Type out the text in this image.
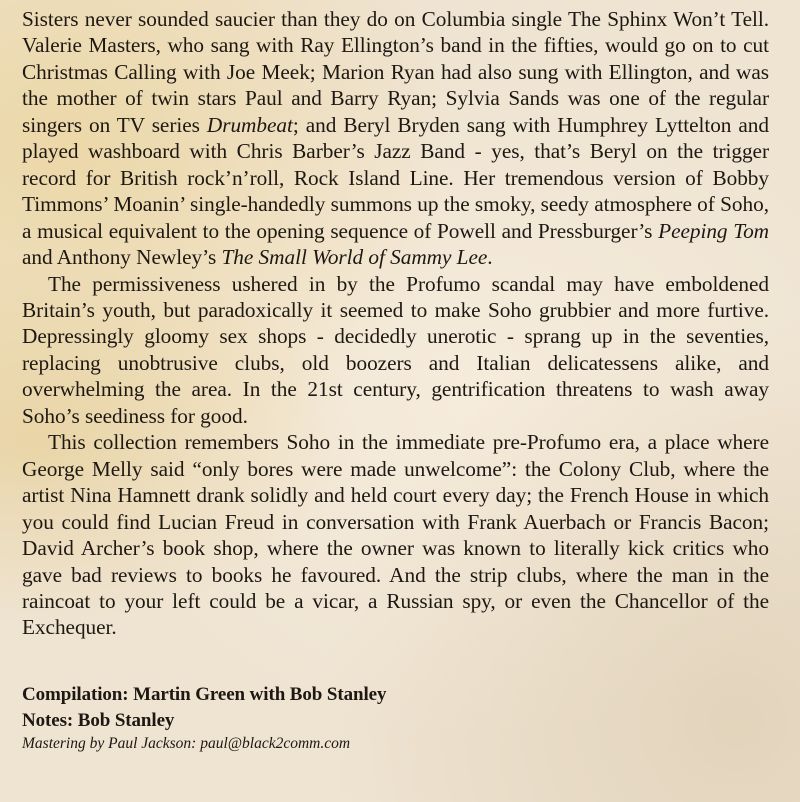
Sisters never sounded saucier than they do on Columbia single The Sphinx Won’t Tell. Valerie Masters, who sang with Ray Ellington’s band in the fifties, would go on to cut Christmas Calling with Joe Meek; Marion Ryan had also sung with Ellington, and was the mother of twin stars Paul and Barry Ryan; Sylvia Sands was one of the regular singers on TV series Drumbeat; and Beryl Bryden sang with Humphrey Lyttelton and played washboard with Chris Barber’s Jazz Band - yes, that’s Beryl on the trigger record for British rock’n’roll, Rock Island Line. Her tremendous version of Bobby Timmons’ Moanin’ single-handedly summons up the smoky, seedy atmosphere of Soho, a musical equivalent to the opening sequence of Powell and Pressburger’s Peeping Tom and Anthony Newley’s The Small World of Sammy Lee.

The permissiveness ushered in by the Profumo scandal may have emboldened Britain’s youth, but paradoxically it seemed to make Soho grubbier and more furtive. Depressingly gloomy sex shops - decidedly unerotic - sprang up in the seventies, replacing unobtrusive clubs, old boozers and Italian delicatessens alike, and overwhelming the area. In the 21st century, gentrification threatens to wash away Soho’s seediness for good.

This collection remembers Soho in the immediate pre-Profumo era, a place where George Melly said “only bores were made unwelcome”: the Colony Club, where the artist Nina Hamnett drank solidly and held court every day; the French House in which you could find Lucian Freud in conversation with Frank Auerbach or Francis Bacon; David Archer’s book shop, where the owner was known to literally kick critics who gave bad reviews to books he favoured. And the strip clubs, where the man in the raincoat to your left could be a vicar, a Russian spy, or even the Chancellor of the Exchequer.

Compilation: Martin Green with Bob Stanley
Notes: Bob Stanley
Mastering by Paul Jackson: paul@black2comm.com
